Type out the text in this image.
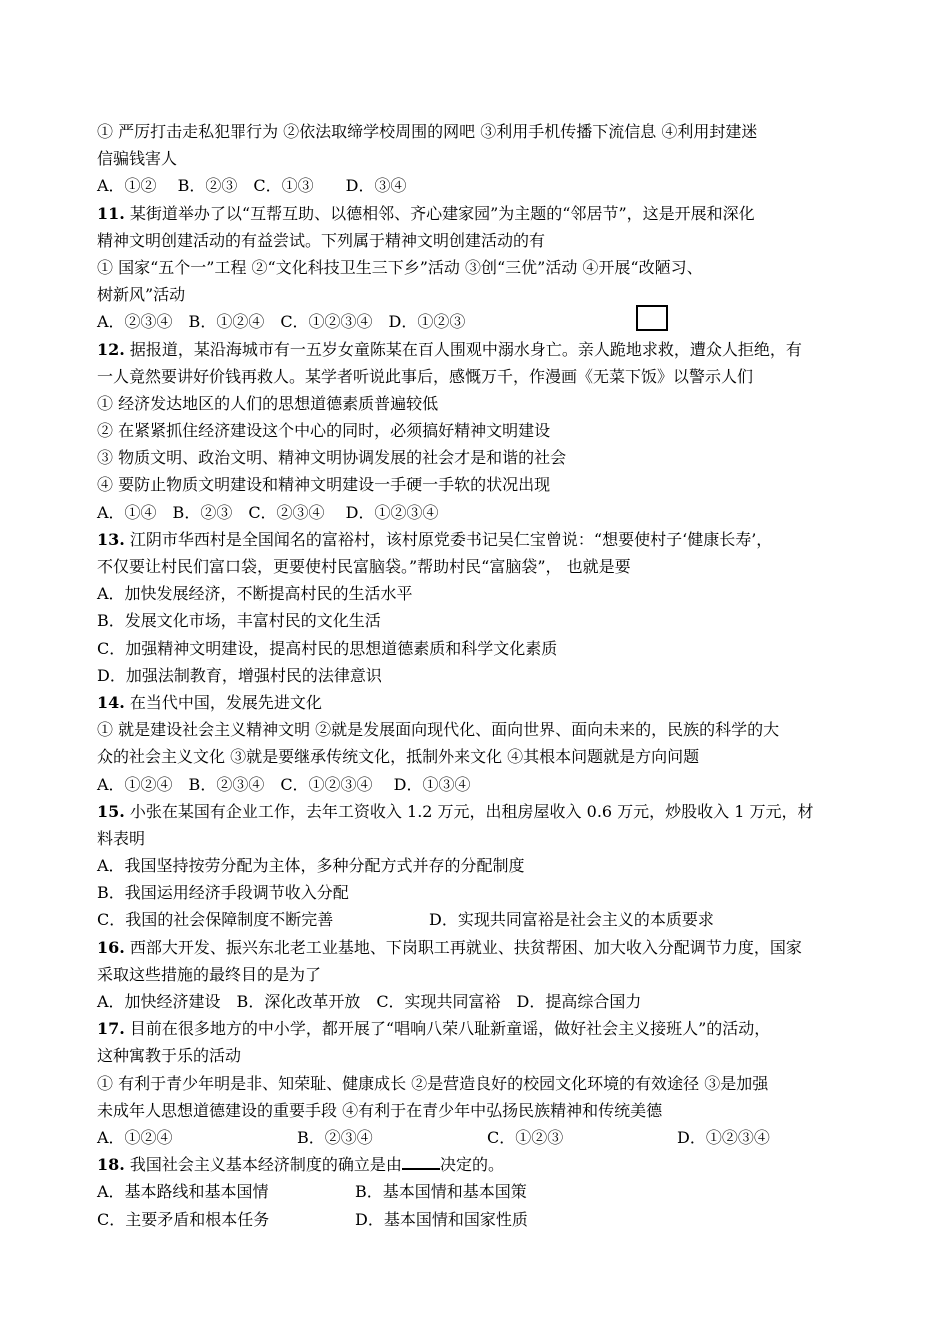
① 严厉打击走私犯罪行为 ②依法取缔学校周围的网吧 ③利用手机传播下流信息 ④利用封建迷
信骗钱害人
A．①②　 B．②③　C．①③　　D．③④
11. 某街道举办了以“互帮互助、以德相邻、齐心建家园”为主题的“邻居节”，这是开展和深化
精神文明创建活动的有益尝试。下列属于精神文明创建活动的有
① 国家“五个一”工程 ②“文化科技卫生三下乡”活动 ③创“三优”活动 ④开展“改陋习、
树新风”活动
A．②③④　B．①②④　C．①②③④　D．①②③
12. 据报道，某沿海城市有一五岁女童陈某在百人围观中溺水身亡。亲人跪地求救，遭众人拒绝，有
一人竟然要讲好价钱再救人。某学者听说此事后，感慨万千，作漫画《无菜下饭》以警示人们
① 经济发达地区的人们的思想道德素质普遍较低
② 在紧紧抓住经济建设这个中心的同时，必须搞好精神文明建设
③ 物质文明、政治文明、精神文明协调发展的社会才是和谐的社会
④ 要防止物质文明建设和精神文明建设一手硬一手软的状况出现
A．①④　B．②③　C．②③④　 D．①②③④
13. 江阴市华西村是全国闻名的富裕村，该村原党委书记吴仁宝曾说：“想要使村子‘健康长寿’，
不仅要让村民们富口袋，更要使村民富脑袋。”帮助村民“富脑袋”， 也就是要
A．加快发展经济，不断提高村民的生活水平
B．发展文化市场，丰富村民的文化生活
C．加强精神文明建设，提高村民的思想道德素质和科学文化素质
D．加强法制教育，增强村民的法律意识
14. 在当代中国，发展先进文化
① 就是建设社会主义精神文明 ②就是发展面向现代化、面向世界、面向未来的，民族的科学的大
众的社会主义文化 ③就是要继承传统文化，抵制外来文化 ④其根本问题就是方向问题
A．①②④　B．②③④　C．①②③④　 D．①③④
15. 小张在某国有企业工作，去年工资收入 1.2 万元，出租房屋收入 0.6 万元，炒股收入 1 万元，材
料表明
A．我国坚持按劳分配为主体，多种分配方式并存的分配制度
B．我国运用经济手段调节收入分配
C．我国的社会保障制度不断完善	D．实现共同富裕是社会主义的本质要求
16. 西部大开发、振兴东北老工业基地、下岗职工再就业、扶贫帮困、加大收入分配调节力度，国家
采取这些措施的最终目的是为了
A．加快经济建设　B．深化改革开放　C．实现共同富裕　D．提高综合国力
17. 目前在很多地方的中小学，都开展了“唱响八荣八耻新童谣，做好社会主义接班人”的活动，
这种寓教于乐的活动
① 有利于青少年明是非、知荣耻、健康成长 ②是营造良好的校园文化环境的有效途径 ③是加强
未成年人思想道德建设的重要手段 ④有利于在青少年中弘扬民族精神和传统美德
A．①②④	B．②③④	C．①②③	D．①②③④
18. 我国社会主义基本经济制度的确立是由 决定的。
A．基本路线和基本国情	B．基本国情和基本国策
C．主要矛盾和根本任务	D．基本国情和国家性质
